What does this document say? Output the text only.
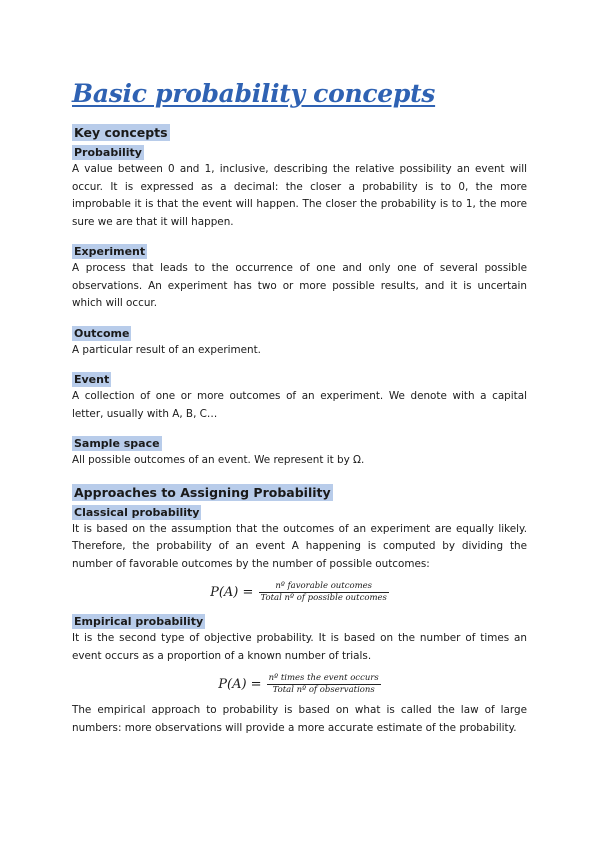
Basic probability concepts
Key concepts
Probability

A value between 0 and 1, inclusive, describing the relative possibility an event will occur. It is expressed as a decimal: the closer a probability is to 0, the more improbable it is that the event will happen. The closer the probability is to 1, the more sure we are that it will happen.

Experiment

A process that leads to the occurrence of one and only one of several possible observations. An experiment has two or more possible results, and it is uncertain which will occur.

Outcome

A particular result of an experiment.

Event

A collection of one or more outcomes of an experiment. We denote with a capital letter, usually with A, B, C…

Sample space

All possible outcomes of an event. We represent it by Ω.

Approaches to Assigning Probability
Classical probability

It is based on the assumption that the outcomes of an experiment are equally likely. Therefore, the probability of an event A happening is computed by dividing the number of favorable outcomes by the number of possible outcomes:

$P(A) = \frac{\text{nº favorable outcomes}}{\text{Total nº of possible outcomes}}$
Empirical probability

It is the second type of objective probability. It is based on the number of times an event occurs as a proportion of a known number of trials.

$P(A) = \frac{\text{nº times the event occurs}}{\text{Total nº of observations}}$

The empirical approach to probability is based on what is called the law of large numbers: more observations will provide a more accurate estimate of the probability.
